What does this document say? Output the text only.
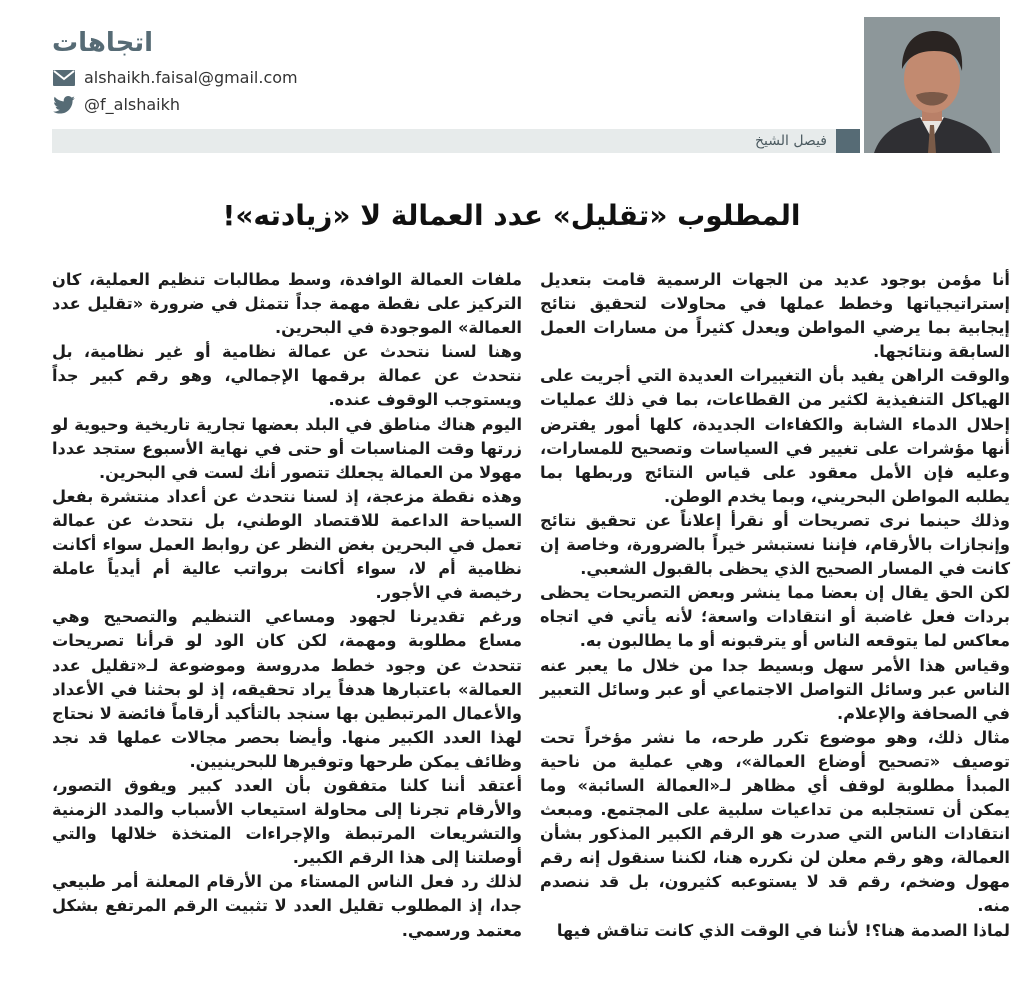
اتجاهات
alshaikh.faisal@gmail.com
@f_alshaikh
فيصل الشيخ
المطلوب «تقليل» عدد العمالة لا «زيادته»!

أنا مؤمن بوجود عديد من الجهات الرسمية قامت بتعديل إستراتيجياتها وخطط عملها في محاولات لتحقيق نتائج إيجابية بما يرضي المواطن ويعدل كثيراً من مسارات العمل السابقة ونتائجها.

والوقت الراهن يفيد بأن التغييرات العديدة التي أجريت على الهياكل التنفيذية لكثير من القطاعات، بما في ذلك عمليات إحلال الدماء الشابة والكفاءات الجديدة، كلها أمور يفترض أنها مؤشرات على تغيير في السياسات وتصحيح للمسارات، وعليه فإن الأمل معقود على قياس النتائج وربطها بما يطلبه المواطن البحريني، وبما يخدم الوطن.

وذلك حينما نرى تصريحات أو نقرأ إعلاناً عن تحقيق نتائج وإنجازات بالأرقام، فإننا نستبشر خيراً بالضرورة، وخاصة إن كانت في المسار الصحيح الذي يحظى بالقبول الشعبي.

لكن الحق يقال إن بعضا مما ينشر وبعض التصريحات يحظى بردات فعل غاضبة أو انتقادات واسعة؛ لأنه يأتي في اتجاه معاكس لما يتوقعه الناس أو يترقبونه أو ما يطالبون به.

وقياس هذا الأمر سهل وبسيط جدا من خلال ما يعبر عنه الناس عبر وسائل التواصل الاجتماعي أو عبر وسائل التعبير في الصحافة والإعلام.

مثال ذلك، وهو موضوع تكرر طرحه، ما نشر مؤخراً تحت توصيف «تصحيح أوضاع العمالة»، وهي عملية من ناحية المبدأ مطلوبة لوقف أي مظاهر لـ«العمالة السائبة» وما يمكن أن تستجلبه من تداعيات سلبية على المجتمع. ومبعث انتقادات الناس التي صدرت هو الرقم الكبير المذكور بشأن العمالة، وهو رقم معلن لن نكرره هنا، لكننا سنقول إنه رقم مهول وضخم، رقم قد لا يستوعبه كثيرون، بل قد ننصدم منه.

لماذا الصدمة هنا؟! لأننا في الوقت الذي كانت تناقش فيها

ملفات العمالة الوافدة، وسط مطالبات تنظيم العملية، كان التركيز على نقطة مهمة جداً تتمثل في ضرورة «تقليل عدد العمالة» الموجودة في البحرين.

وهنا لسنا نتحدث عن عمالة نظامية أو غير نظامية، بل نتحدث عن عمالة برقمها الإجمالي، وهو رقم كبير جداً ويستوجب الوقوف عنده.

اليوم هناك مناطق في البلد بعضها تجارية تاريخية وحيوية لو زرتها وقت المناسبات أو حتى في نهاية الأسبوع ستجد عددا مهولا من العمالة يجعلك تتصور أنك لست في البحرين.

وهذه نقطة مزعجة، إذ لسنا نتحدث عن أعداد منتشرة بفعل السياحة الداعمة للاقتصاد الوطني، بل نتحدث عن عمالة تعمل في البحرين بغض النظر عن روابط العمل سواء أكانت نظامية أم لا، سواء أكانت برواتب عالية أم أيدياً عاملة رخيصة في الأجور.

ورغم تقديرنا لجهود ومساعي التنظيم والتصحيح وهي مساع مطلوبة ومهمة، لكن كان الود لو قرأنا تصريحات تتحدث عن وجود خطط مدروسة وموضوعة لـ«تقليل عدد العمالة» باعتبارها هدفاً يراد تحقيقه، إذ لو بحثنا في الأعداد والأعمال المرتبطين بها سنجد بالتأكيد أرقاماً فائضة لا نحتاج لهذا العدد الكبير منها. وأيضا بحصر مجالات عملها قد نجد وظائف يمكن طرحها وتوفيرها للبحرينيين.

أعتقد أننا كلنا متفقون بأن العدد كبير ويفوق التصور، والأرقام تجرنا إلى محاولة استيعاب الأسباب والمدد الزمنية والتشريعات المرتبطة والإجراءات المتخذة خلالها والتي أوصلتنا إلى هذا الرقم الكبير.

لذلك رد فعل الناس المستاء من الأرقام المعلنة أمر طبيعي جدا، إذ المطلوب تقليل العدد لا تثبيت الرقم المرتفع بشكل معتمد ورسمي.
